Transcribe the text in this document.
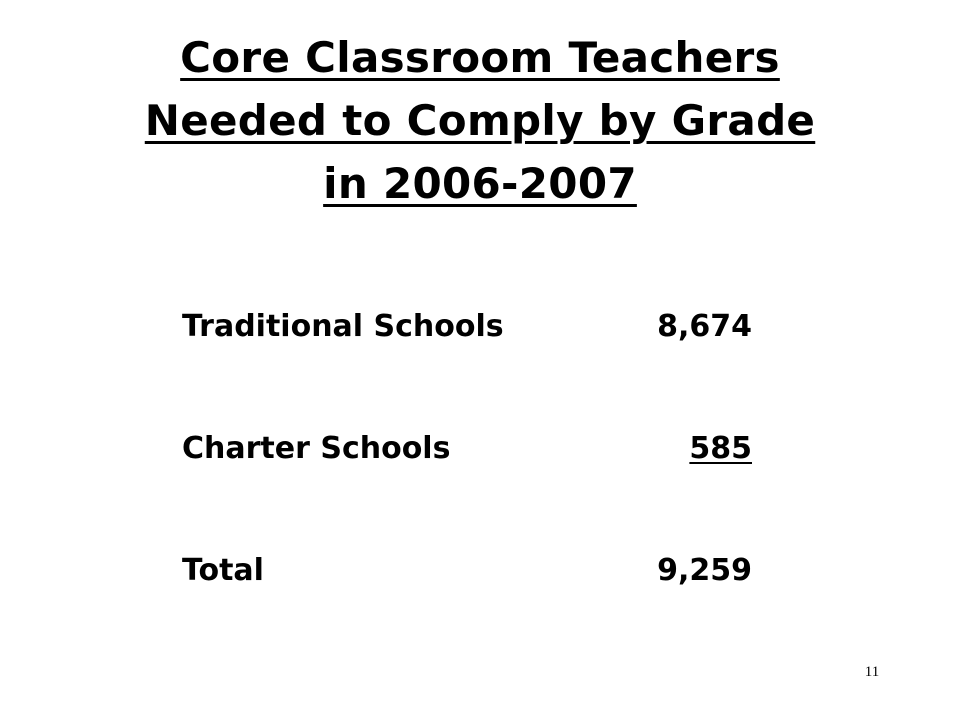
Core Classroom Teachers
Needed to Comply by Grade
in 2006-2007
Traditional Schools	8,674
Charter Schools	585
Total	9,259
11
